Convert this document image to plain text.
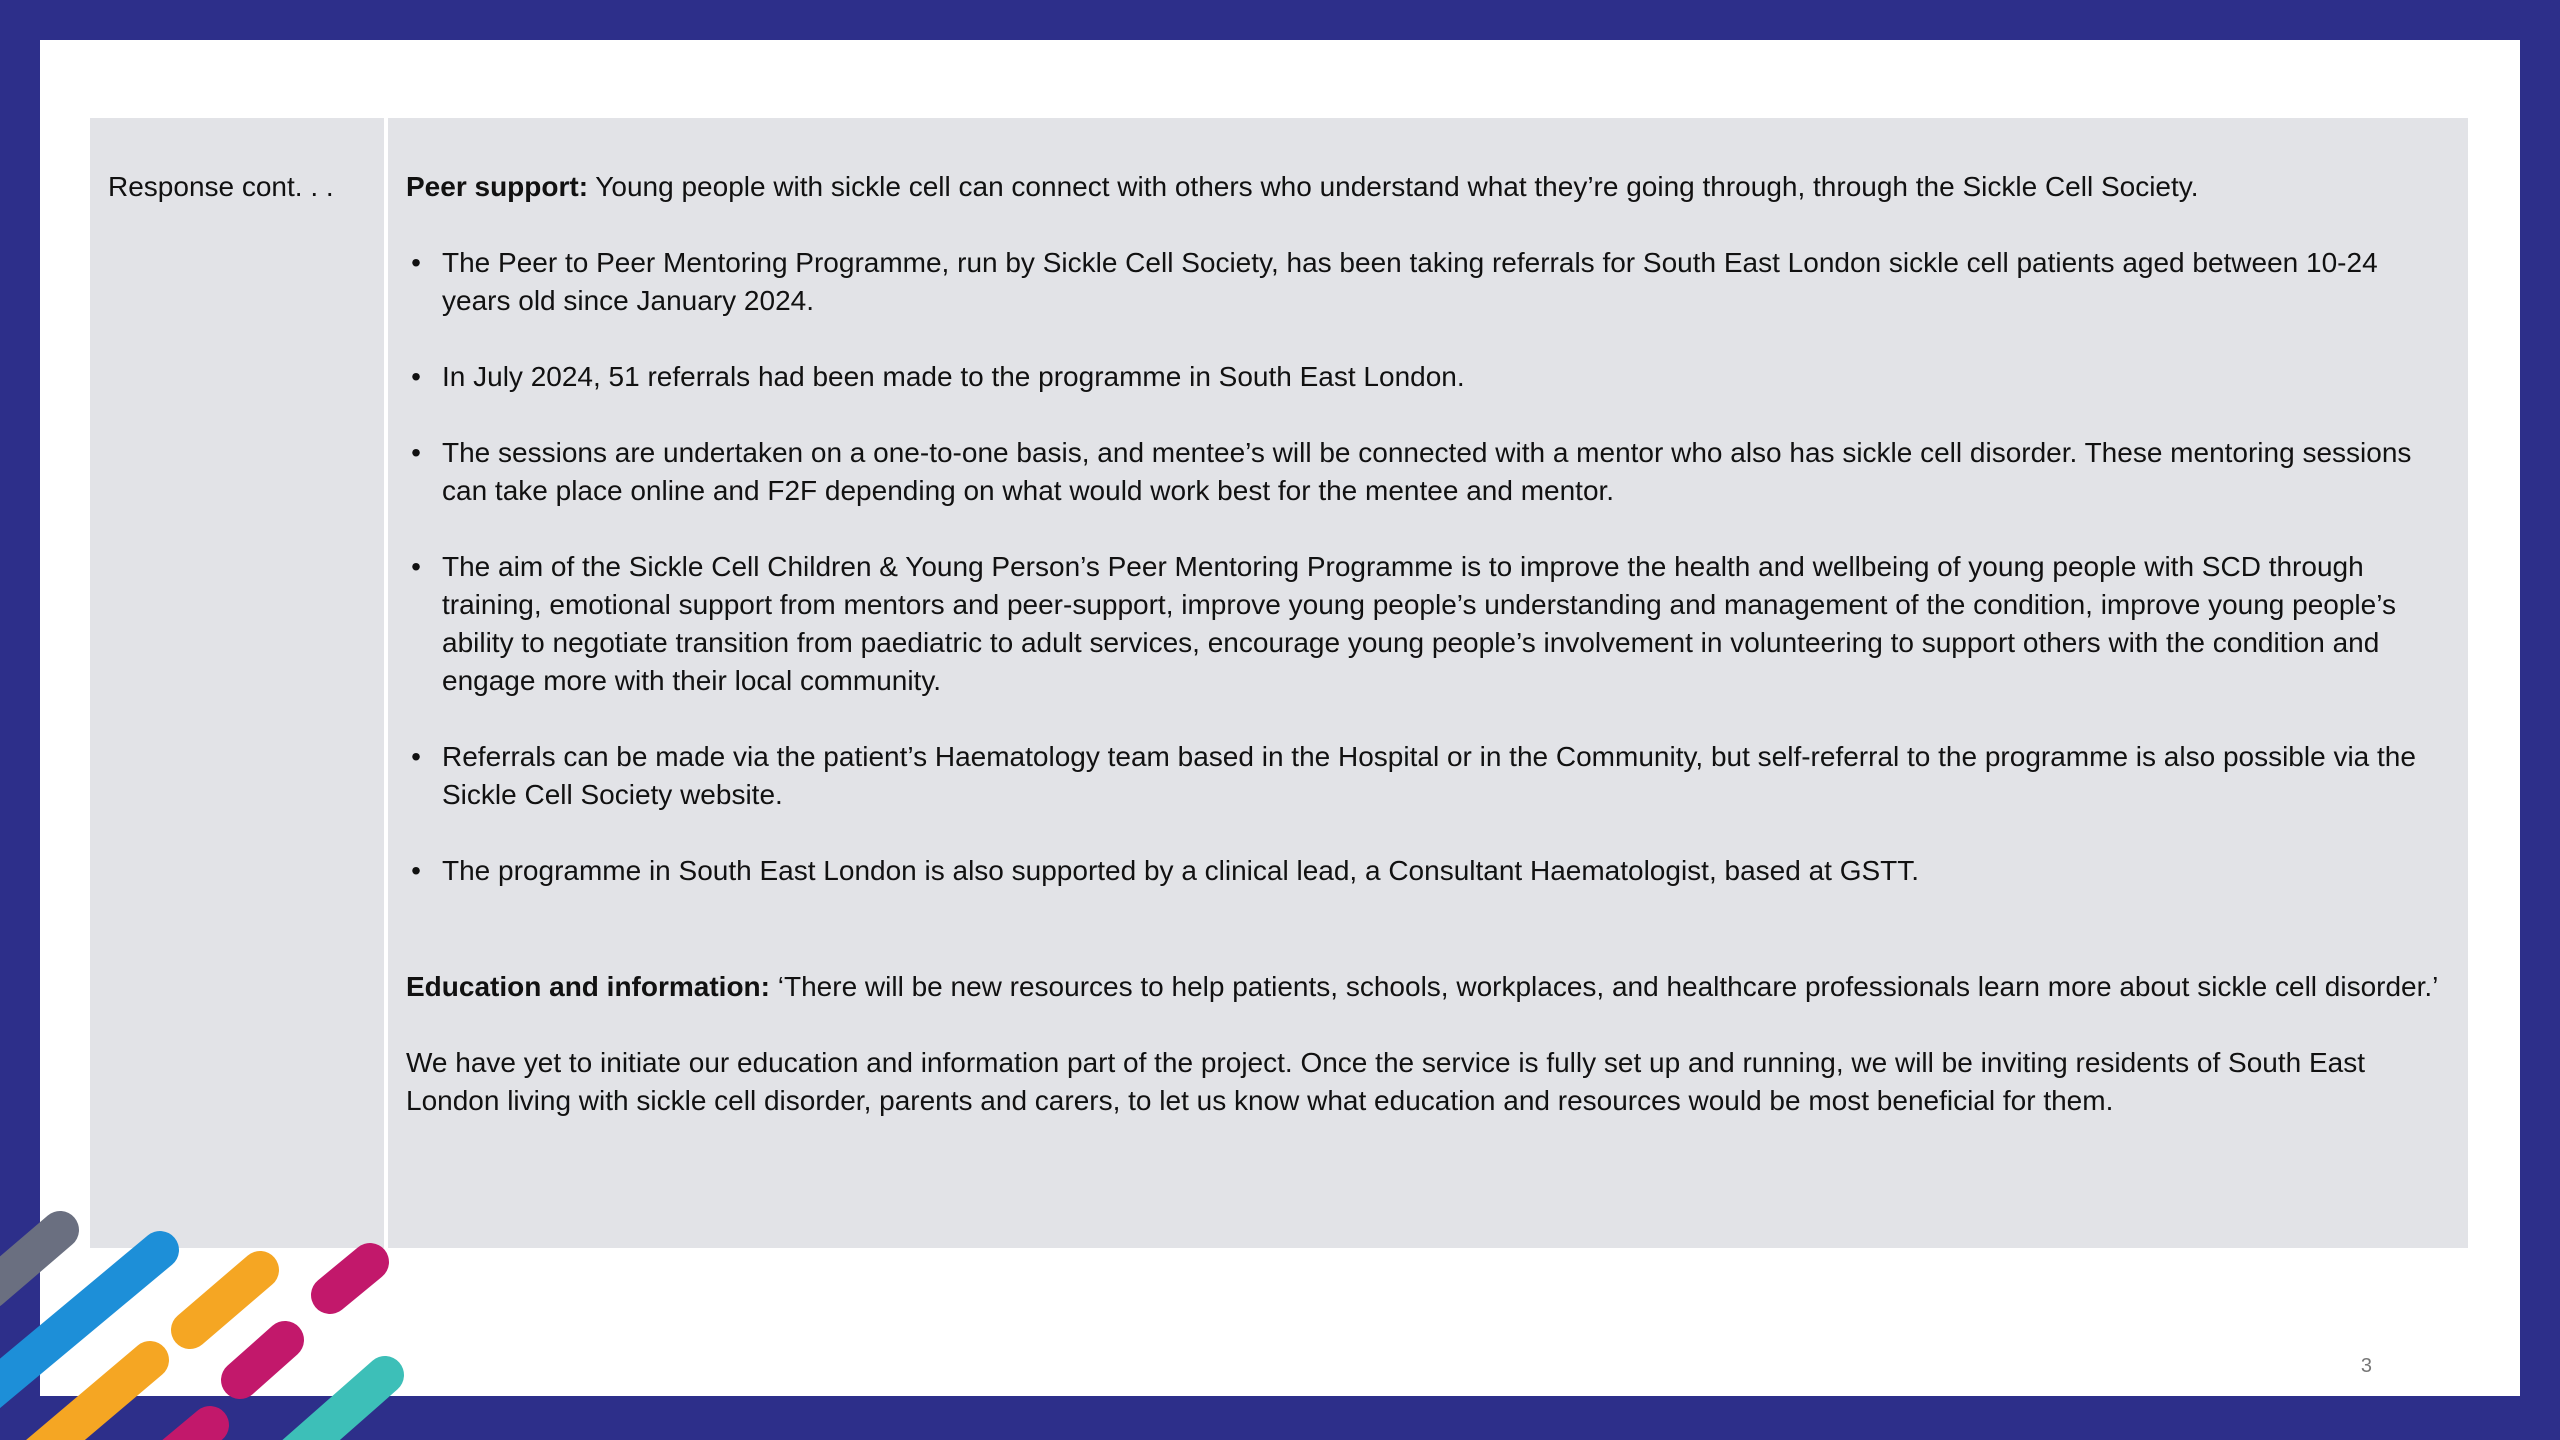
Response cont. . .	Peer support: Young people with sickle cell can connect with others who understand what they’re going through, through the Sickle Cell Society.

• The Peer to Peer Mentoring Programme, run by Sickle Cell Society, has been taking referrals for South East London sickle cell patients aged between 10-24 years old since January 2024.
• In July 2024, 51 referrals had been made to the programme in South East London.
• The sessions are undertaken on a one-to-one basis, and mentee’s will be connected with a mentor who also has sickle cell disorder. These mentoring sessions can take place online and F2F depending on what would work best for the mentee and mentor.
• The aim of the Sickle Cell Children & Young Person’s Peer Mentoring Programme is to improve the health and wellbeing of young people with SCD through training, emotional support from mentors and peer-support, improve young people’s understanding and management of the condition, improve young people’s ability to negotiate transition from paediatric to adult services, encourage young people’s involvement in volunteering to support others with the condition and engage more with their local community.
• Referrals can be made via the patient’s Haematology team based in the Hospital or in the Community, but self-referral to the programme is also possible via the Sickle Cell Society website.
• The programme in South East London is also supported by a clinical lead, a Consultant Haematologist, based at GSTT.

Education and information: ‘There will be new resources to help patients, schools, workplaces, and healthcare professionals learn more about sickle cell disorder.’

We have yet to initiate our education and information part of the project. Once the service is fully set up and running, we will be inviting residents of South East London living with sickle cell disorder, parents and carers, to let us know what education and resources would be most beneficial for them.

3
